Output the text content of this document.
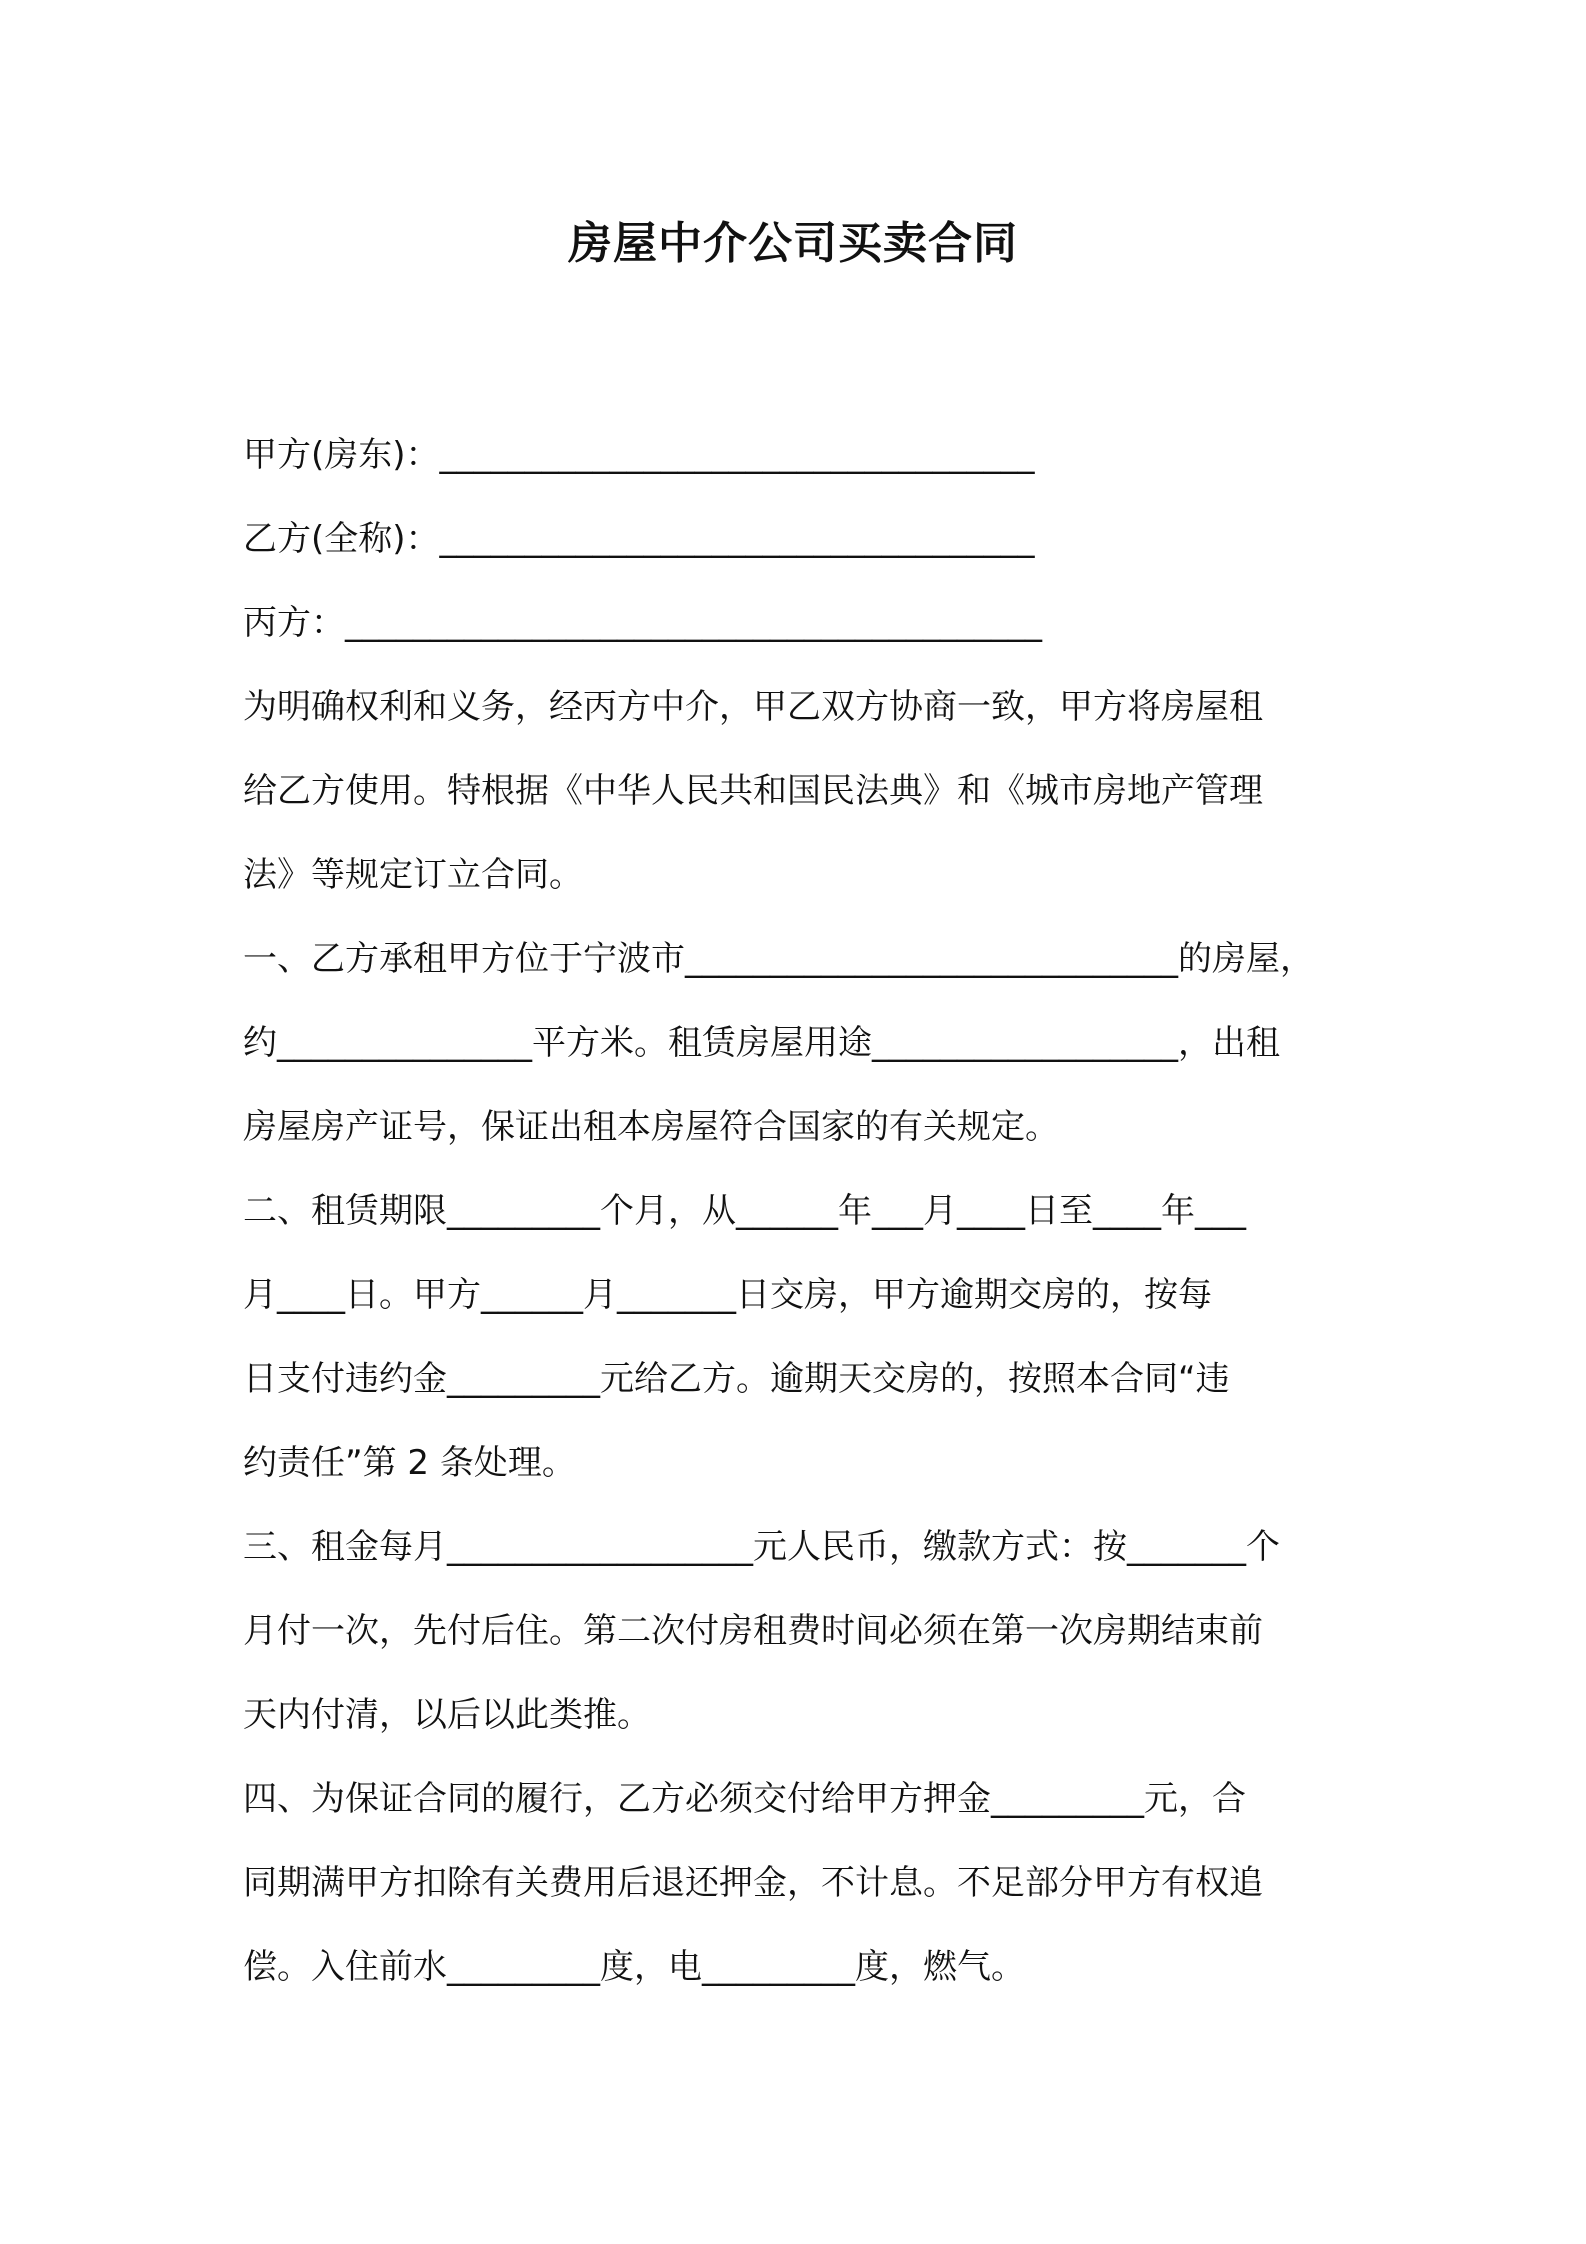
房屋中介公司买卖合同
甲方(房东)：___________________________________
乙方(全称)：___________________________________
丙方：_________________________________________
为明确权利和义务，经丙方中介，甲乙双方协商一致，甲方将房屋租
给乙方使用。特根据《中华人民共和国民法典》和《城市房地产管理
法》等规定订立合同。
一、乙方承租甲方位于宁波市_____________________________的房屋，
约_______________平方米。租赁房屋用途__________________，出租
房屋房产证号，保证出租本房屋符合国家的有关规定。
二、租赁期限_________个月，从______年___月____日至____年___
月____日。甲方______月_______日交房，甲方逾期交房的，按每
日支付违约金_________元给乙方。逾期天交房的，按照本合同“违
约责任”第 2 条处理。
三、租金每月__________________元人民币，缴款方式：按_______个
月付一次，先付后住。第二次付房租费时间必须在第一次房期结束前
天内付清，以后以此类推。
四、为保证合同的履行，乙方必须交付给甲方押金_________元，合
同期满甲方扣除有关费用后退还押金，不计息。不足部分甲方有权追
偿。入住前水_________度，电_________度，燃气。
